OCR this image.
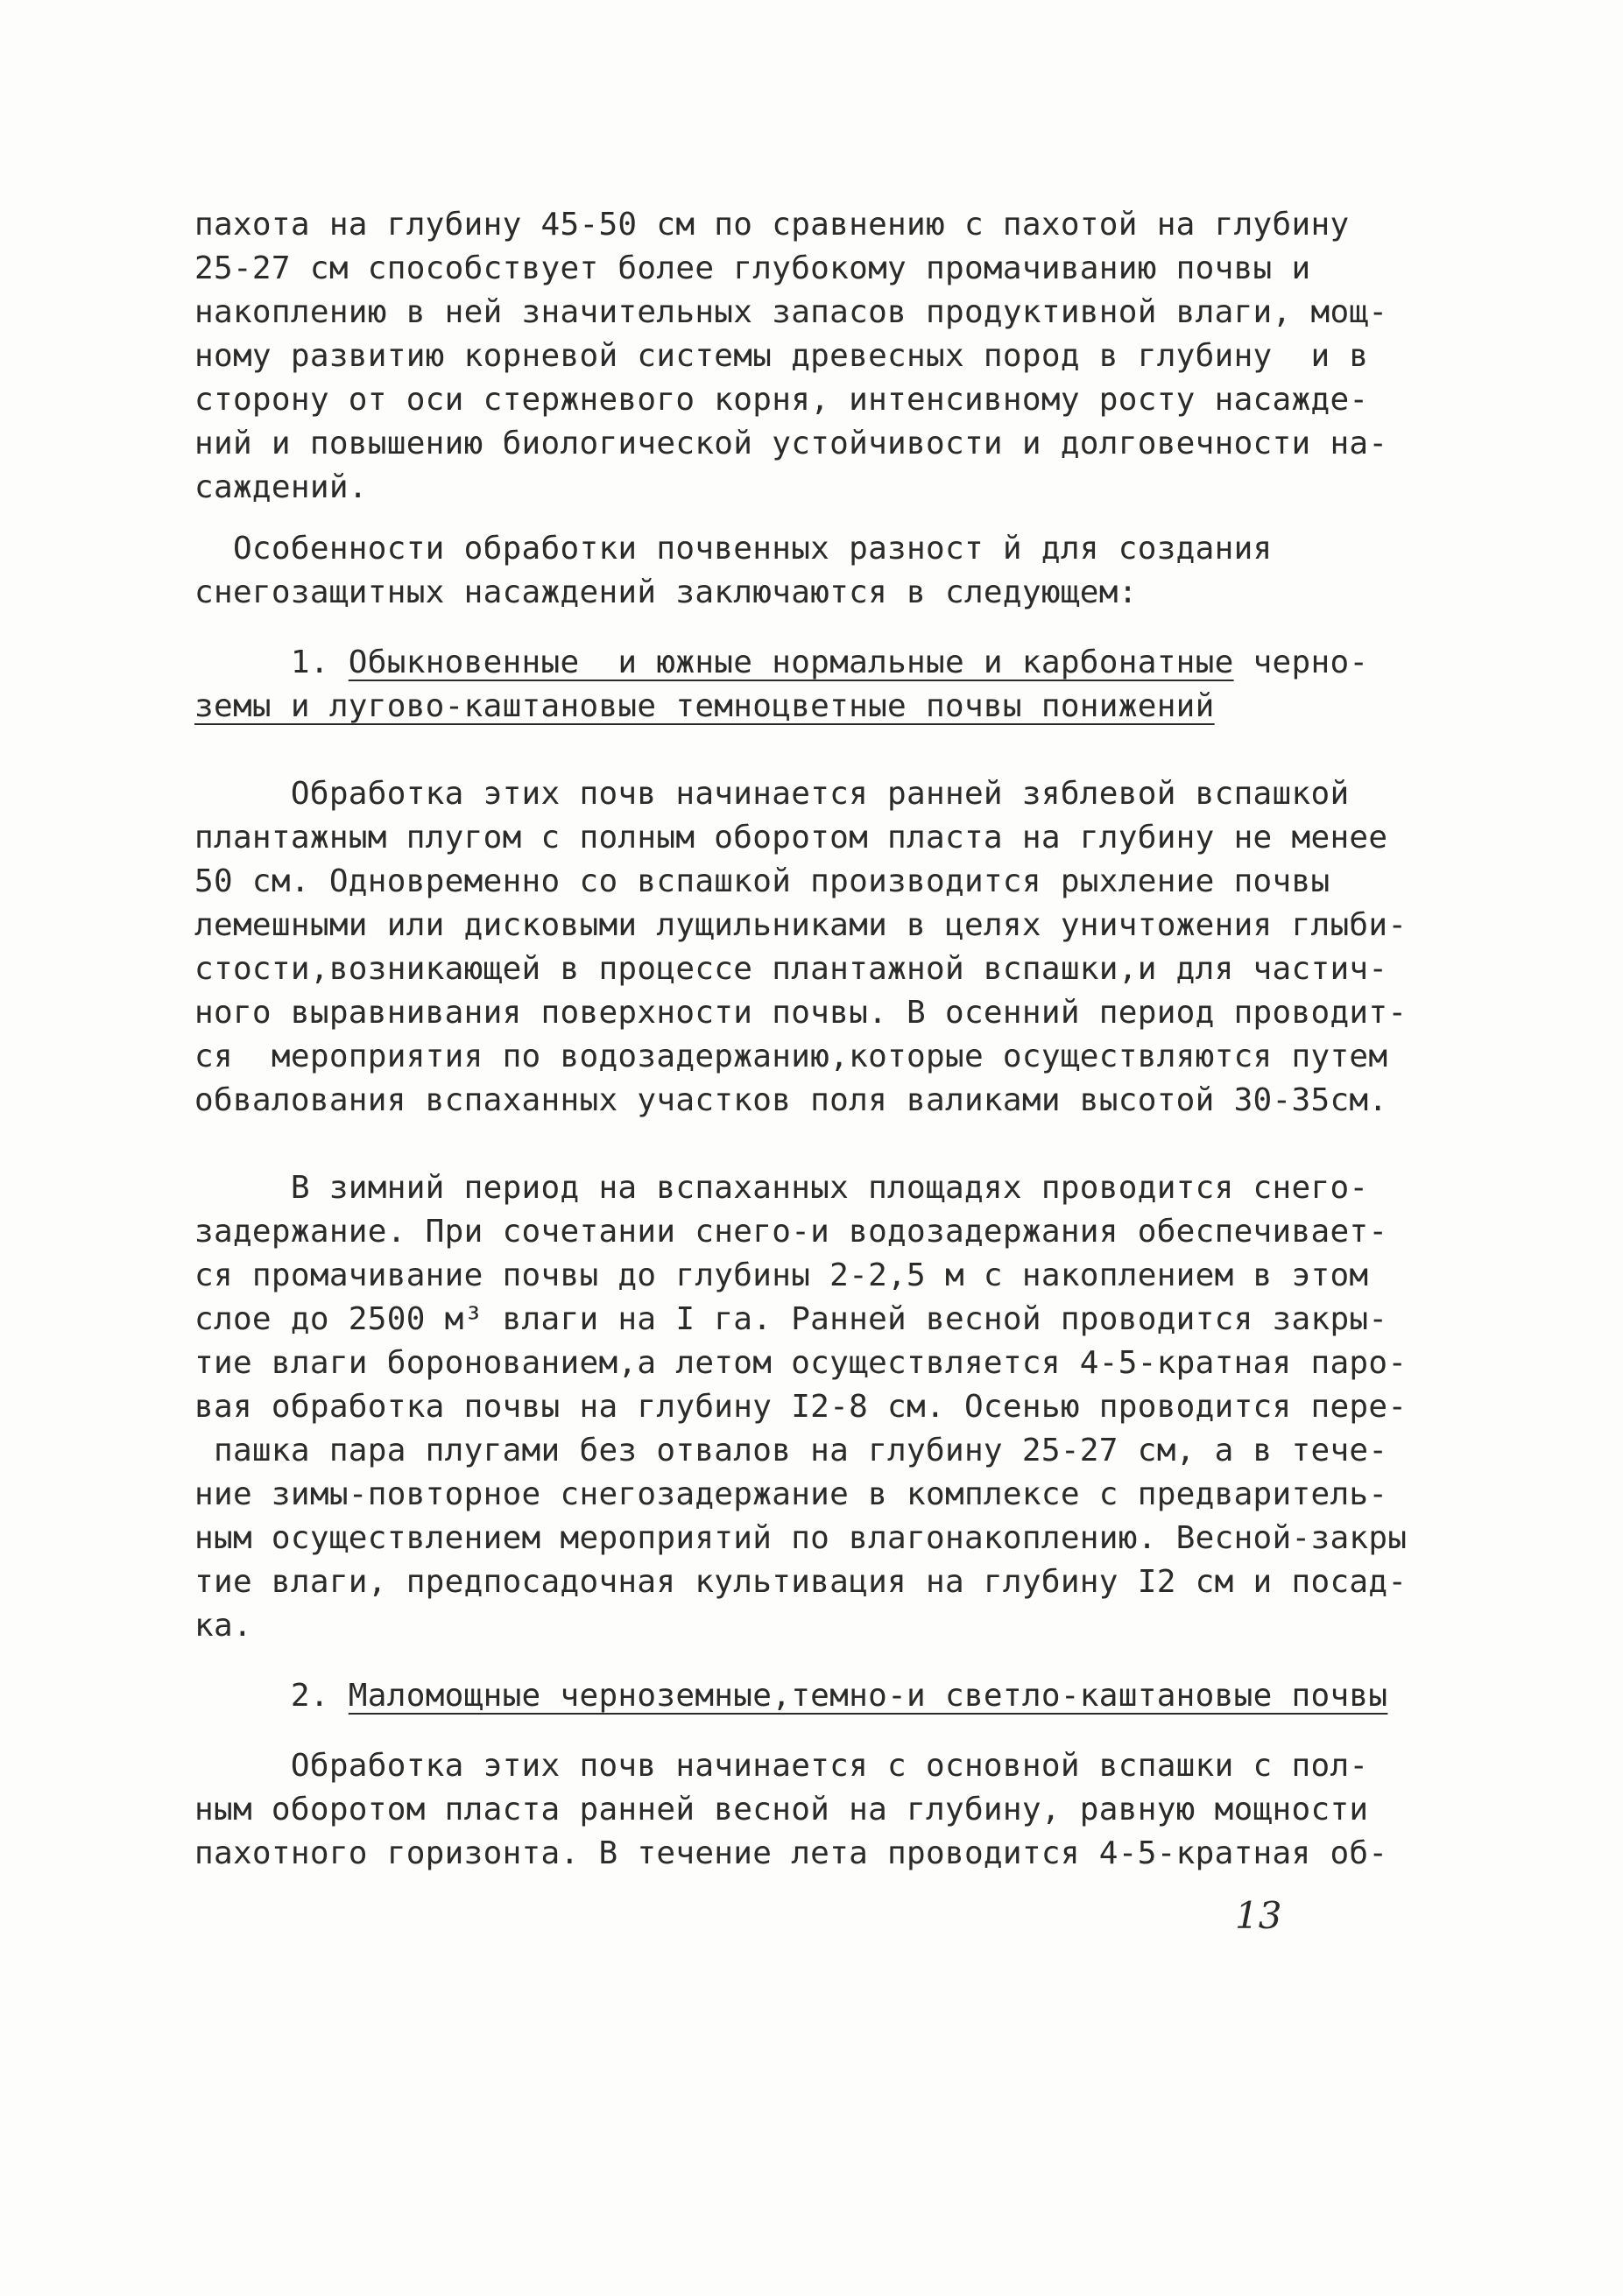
пахота на глубину 45-50 см по сравнению с пахотой на глубину
25-27 см способствует более глубокому промачиванию почвы и
накоплению в ней значительных запасов продуктивной влаги, мощ-
ному развитию корневой системы древесных пород в глубину  и в
сторону от оси стержневого корня, интенсивному росту насажде-
ний и повышению биологической устойчивости и долговечности на-
саждений.
Особенности обработки почвенных разност й для создания
снегозащитных насаждений заключаются в следующем:
1. Обыкновенные  и южные нормальные и карбонатные черно-
земы и лугово-каштановые темноцветные почвы понижений
Обработка этих почв начинается ранней зяблевой вспашкой
плантажным плугом с полным оборотом пласта на глубину не менее
50 см. Одновременно со вспашкой производится рыхление почвы
лемешными или дисковыми лущильниками в целях уничтожения глыби-
стости,возникающей в процессе плантажной вспашки,и для частич-
ного выравнивания поверхности почвы. В осенний период проводит-
ся  мероприятия по водозадержанию,которые осуществляются путем
обвалования вспаханных участков поля валиками высотой 30-35см.
В зимний период на вспаханных площадях проводится снего-
задержание. При сочетании снего-и водозадержания обеспечивает-
ся промачивание почвы до глубины 2-2,5 м с накоплением в этом
слое до 2500 м³ влаги на I га. Ранней весной проводится закры-
тие влаги боронованием,а летом осуществляется 4-5-кратная паро-
вая обработка почвы на глубину I2-8 см. Осенью проводится пере-
пашка пара плугами без отвалов на глубину 25-27 см, а в тече-
ние зимы-повторное снегозадержание в комплексе с предваритель-
ным осуществлением мероприятий по влагонакоплению. Весной-закры
тие влаги, предпосадочная культивация на глубину I2 см и посад-
ка.
2. Маломощные черноземные,темно-и светло-каштановые почвы
Обработка этих почв начинается с основной вспашки с пол-
ным оборотом пласта ранней весной на глубину, равную мощности
пахотного горизонта. В течение лета проводится 4-5-кратная об-
13
